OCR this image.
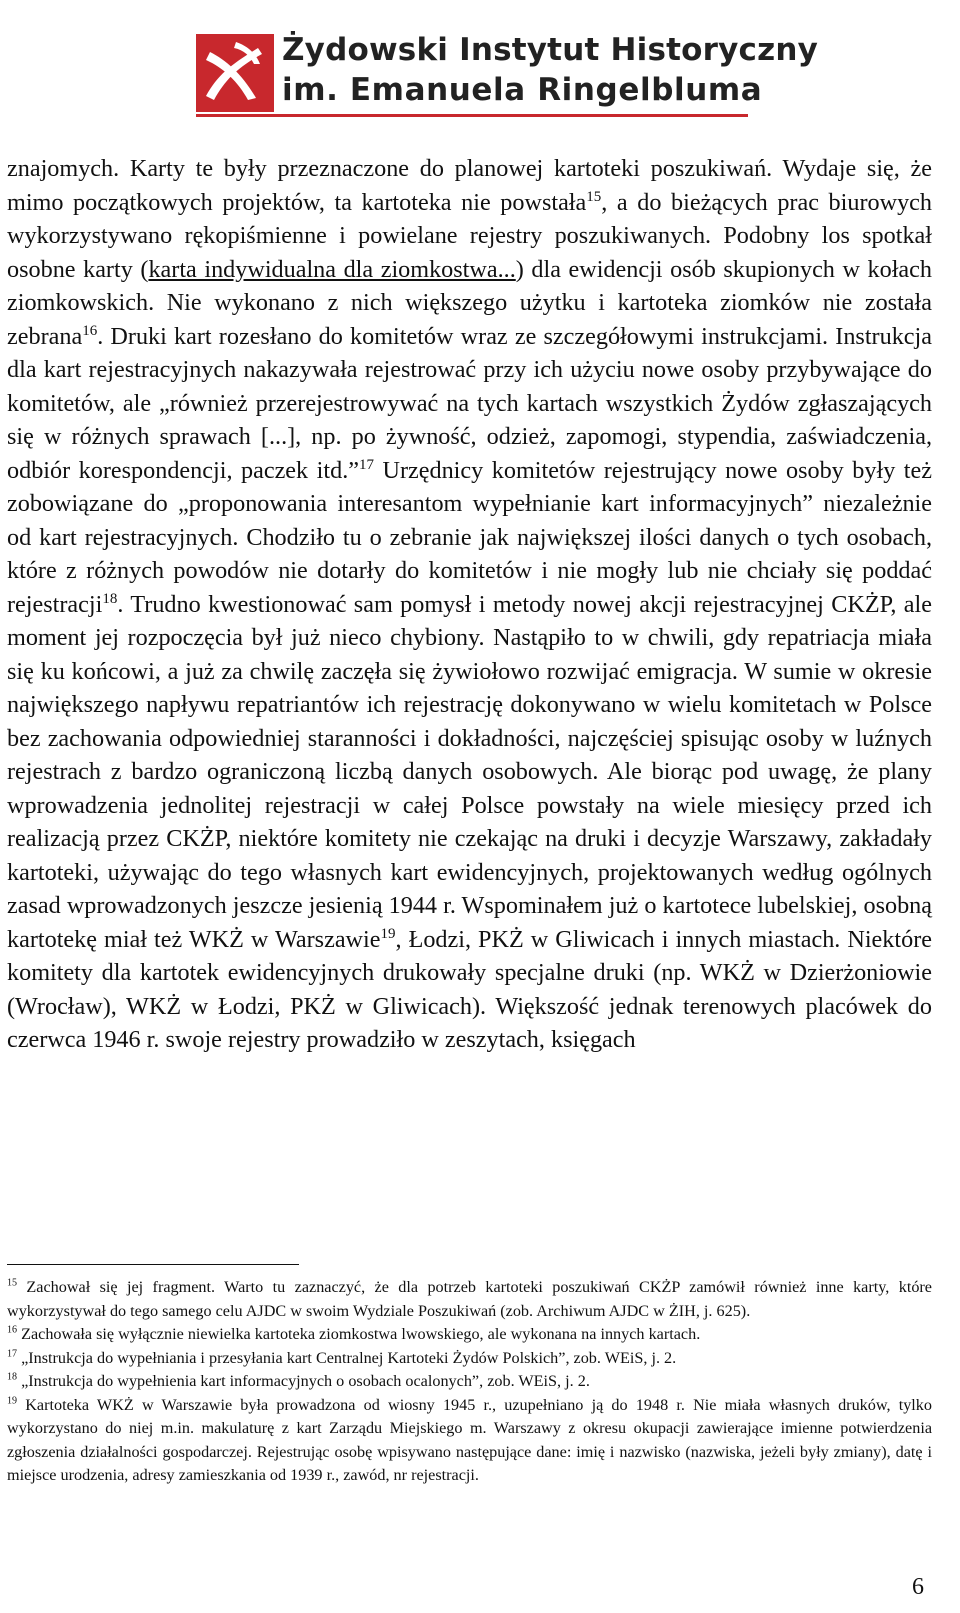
Żydowski Instytut Historyczny
im. Emanuela Ringelbluma

znajomych. Karty te były przeznaczone do planowej kartoteki poszukiwań. Wydaje się, że mimo początkowych projektów, ta kartoteka nie powstała$^{15}$, a do bieżących prac biurowych wykorzystywano rękopiśmienne i powielane rejestry poszukiwanych. Podobny los spotkał osobne karty (karta indywidualna dla ziomkostwa...) dla ewidencji osób skupionych w kołach ziomkowskich. Nie wykonano z nich większego użytku i kartoteka ziomków nie została zebrana$^{16}$. Druki kart rozesłano do komitetów wraz ze szczegółowymi instrukcjami. Instrukcja dla kart rejestracyjnych nakazywała rejestrować przy ich użyciu nowe osoby przybywające do komitetów, ale „również przerejestrowywać na tych kartach wszystkich Żydów zgłaszających się w różnych sprawach [...], np. po żywność, odzież, zapomogi, stypendia, zaświadczenia, odbiór korespondencji, paczek itd.”$^{17}$ Urzędnicy komitetów rejestrujący nowe osoby były też zobowiązane do „proponowania interesantom wypełnianie kart informacyjnych” niezależnie od kart rejestracyjnych. Chodziło tu o zebranie jak największej ilości danych o tych osobach, które z różnych powodów nie dotarły do komitetów i nie mogły lub nie chciały się poddać rejestracji$^{18}$. Trudno kwestionować sam pomysł i metody nowej akcji rejestracyjnej CKŻP, ale moment jej rozpoczęcia był już nieco chybiony. Nastąpiło to w chwili, gdy repatriacja miała się ku końcowi, a już za chwilę zaczęła się żywiołowo rozwijać emigracja. W sumie w okresie największego napływu repatriantów ich rejestrację dokonywano w wielu komitetach w Polsce bez zachowania odpowiedniej staranności i dokładności, najczęściej spisując osoby w luźnych rejestrach z bardzo ograniczoną liczbą danych osobowych. Ale biorąc pod uwagę, że plany wprowadzenia jednolitej rejestracji w całej Polsce powstały na wiele miesięcy przed ich realizacją przez CKŻP, niektóre komitety nie czekając na druki i decyzje Warszawy, zakładały kartoteki, używając do tego własnych kart ewidencyjnych, projektowanych według ogólnych zasad wprowadzonych jeszcze jesienią 1944 r. Wspominałem już o kartotece lubelskiej, osobną kartotekę miał też WKŻ w Warszawie$^{19}$, Łodzi, PKŻ w Gliwicach i innych miastach. Niektóre komitety dla kartotek ewidencyjnych drukowały specjalne druki (np. WKŻ w Dzierżoniowie (Wrocław), WKŻ w Łodzi, PKŻ w Gliwicach). Większość jednak terenowych placówek do czerwca 1946 r. swoje rejestry prowadziło w zeszytach, księgach

$^{15}$ Zachował się jej fragment. Warto tu zaznaczyć, że dla potrzeb kartoteki poszukiwań CKŻP zamówił również inne karty, które wykorzystywał do tego samego celu AJDC w swoim Wydziale Poszukiwań (zob. Archiwum AJDC w ŻIH, j. 625).

$^{16}$ Zachowała się wyłącznie niewielka kartoteka ziomkostwa lwowskiego, ale wykonana na innych kartach.

$^{17}$ „Instrukcja do wypełniania i przesyłania kart Centralnej Kartoteki Żydów Polskich”, zob. WEiS, j. 2.

$^{18}$ „Instrukcja do wypełnienia kart informacyjnych o osobach ocalonych”, zob. WEiS, j. 2.

$^{19}$ Kartoteka WKŻ w Warszawie była prowadzona od wiosny 1945 r., uzupełniano ją do 1948 r. Nie miała własnych druków, tylko wykorzystano do niej m.in. makulaturę z kart Zarządu Miejskiego m. Warszawy z okresu okupacji zawierające imienne potwierdzenia zgłoszenia działalności gospodarczej. Rejestrując osobę wpisywano następujące dane: imię i nazwisko (nazwiska, jeżeli były zmiany), datę i miejsce urodzenia, adresy zamieszkania od 1939 r., zawód, nr rejestracji.

6
